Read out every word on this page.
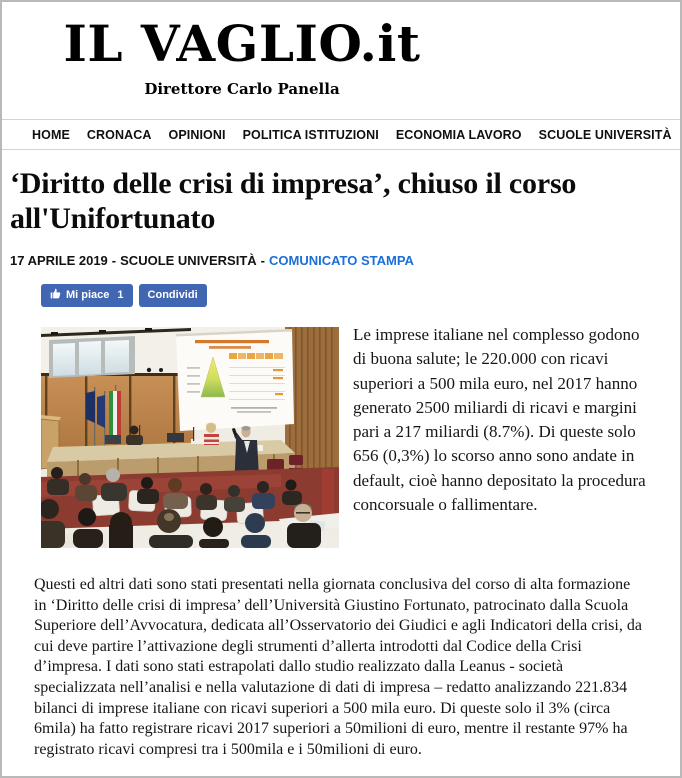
IL VAGLIO.it
Direttore Carlo Panella
HOME CRONACA OPINIONI POLITICA ISTITUZIONI ECONOMIA LAVORO SCUOLE UNIVERSITÀ
‘Diritto delle crisi di impresa’, chiuso il corso all'Unifortunato
17 APRILE 2019 - SCUOLE UNIVERSITÀ - COMUNICATO STAMPA
Mi piace 1 Condividi

Le imprese italiane nel complesso godono di buona salute; le 220.000 con ricavi superiori a 500 mila euro, nel 2017 hanno generato 2500 miliardi di ricavi e margini pari a 217 miliardi (8.7%). Di queste solo 656 (0,3%) lo scorso anno sono andate in default, cioè hanno depositato la procedura concorsuale o fallimentare.

Questi ed altri dati sono stati presentati nella giornata conclusiva del corso di alta formazione in ‘Diritto delle crisi di impresa’ dell’Università Giustino Fortunato, patrocinato dalla Scuola Superiore dell’Avvocatura, dedicata all’Osservatorio dei Giudici e agli Indicatori della crisi, da cui deve partire l’attivazione degli strumenti d’allerta introdotti dal Codice della Crisi d’impresa. I dati sono stati estrapolati dallo studio realizzato dalla Leanus - società specializzata nell’analisi e nella valutazione di dati di impresa – redatto analizzando 221.834 bilanci di imprese italiane con ricavi superiori a 500 mila euro. Di queste solo il 3% (circa 6mila) ha fatto registrare ricavi 2017 superiori a 50milioni di euro, mentre il restante 97% ha registrato ricavi compresi tra i 500mila e i 50milioni di euro.
